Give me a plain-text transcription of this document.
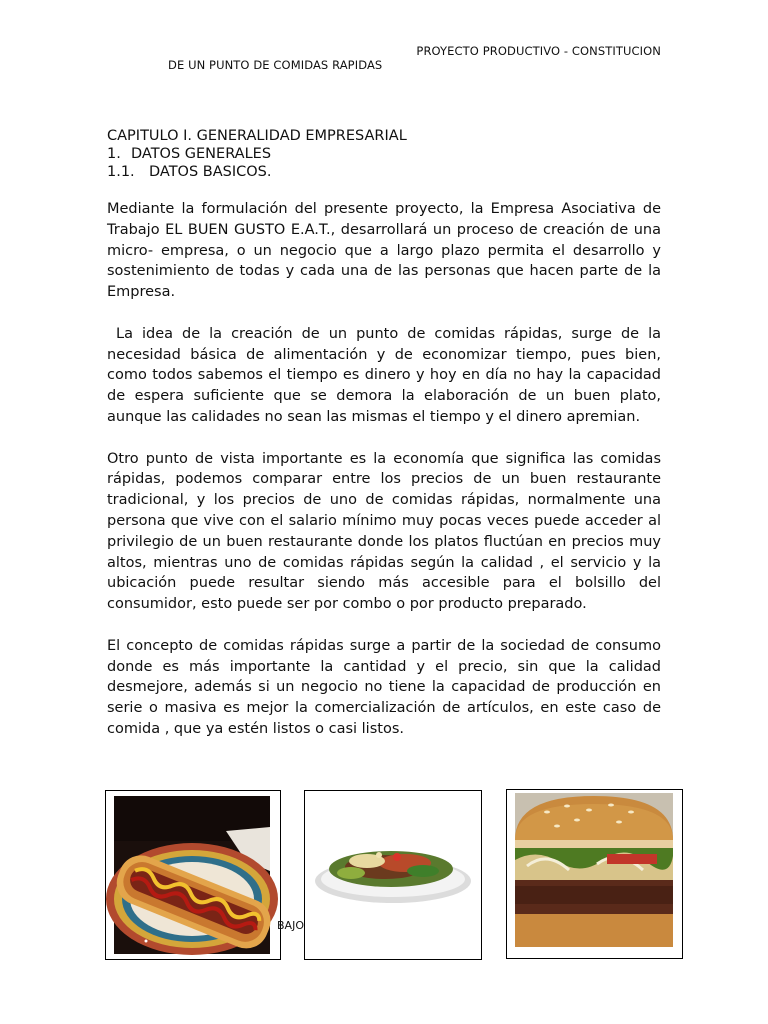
PROYECTO PRODUCTIVO - CONSTITUCION
DE UN PUNTO DE COMIDAS RAPIDAS
CAPITULO I. GENERALIDAD EMPRESARIAL
1. DATOS GENERALES
1.1. DATOS BASICOS.

Mediante la formulación del presente proyecto, la Empresa Asociativa de Trabajo EL BUEN GUSTO E.A.T., desarrollará un proceso de creación de una micro- empresa, o un negocio que a largo plazo permita el desarrollo y sostenimiento de todas y cada una de las personas que hacen parte de la Empresa.

La idea de la creación de un punto de comidas rápidas, surge de la necesidad básica de alimentación y de economizar tiempo, pues bien, como todos sabemos el tiempo es dinero y hoy en día no hay la capacidad de espera suficiente que se demora la elaboración de un buen plato, aunque las calidades no sean las mismas el tiempo y el dinero apremian.

Otro punto de vista importante es la economía que significa las comidas rápidas, podemos comparar entre los precios de un buen restaurante tradicional, y los precios de uno de comidas rápidas, normalmente una persona que vive con el salario mínimo muy pocas veces puede acceder al privilegio de un buen restaurante donde los platos fluctúan en precios muy altos, mientras uno de comidas rápidas según la calidad , el servicio y la ubicación puede resultar siendo más accesible para el bolsillo del consumidor, esto puede ser por combo o por producto preparado.

El concepto de comidas rápidas surge a partir de la sociedad de consumo donde es más importante la cantidad y el precio, sin que la calidad desmejore, además si un negocio no tiene la capacidad de producción en serie o masiva es mejor la comercialización de artículos, en este caso de comida , que ya estén listos o casi listos.

BAJO
